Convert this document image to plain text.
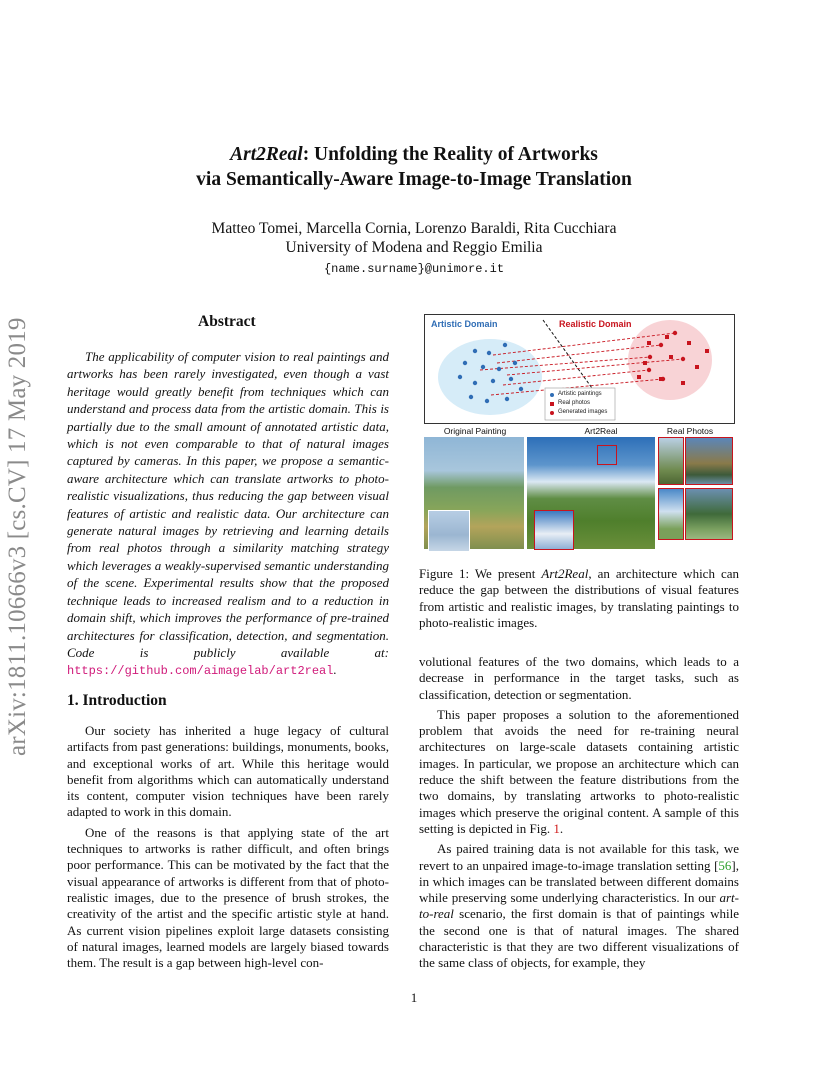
Art2Real: Unfolding the Reality of Artworks
via Semantically-Aware Image-to-Image Translation
Matteo Tomei, Marcella Cornia, Lorenzo Baraldi, Rita Cucchiara
University of Modena and Reggio Emilia
{name.surname}@unimore.it
arXiv:1811.10666v3 [cs.CV] 17 May 2019	Abstract
The applicability of computer vision to real paintings and artworks has been rarely investigated, even though a vast heritage would greatly benefit from techniques which can understand and process data from the artistic domain. This is partially due to the small amount of annotated artistic data, which is not even comparable to that of natural images captured by cameras. In this paper, we propose a semantic-aware architecture which can translate artworks to photo-realistic visualizations, thus reducing the gap between visual features of artistic and realistic data. Our architecture can generate natural images by retrieving and learning details from real photos through a similarity matching strategy which leverages a weakly-supervised semantic understanding of the scene. Experimental results show that the proposed technique leads to increased realism and to a reduction in domain shift, which improves the performance of pre-trained architectures for classification, detection, and segmentation. Code is publicly available at: https://github.com/aimagelab/art2real.
1. Introduction

Our society has inherited a huge legacy of cultural artifacts from past generations: buildings, monuments, books, and exceptional works of art. While this heritage would benefit from algorithms which can automatically understand its content, computer vision techniques have been rarely adapted to work in this domain.

One of the reasons is that applying state of the art techniques to artworks is rather difficult, and often brings poor performance. This can be motivated by the fact that the visual appearance of artworks is different from that of photo-realistic images, due to the presence of brush strokes, the creativity of the artist and the specific artistic style at hand. As current vision pipelines exploit large datasets consisting of natural images, learned models are largely biased towards them. The result is a gap between high-level con-

Artistic Domain	Realistic Domain
Artistic paintings
Real photos
Generated images
Original Painting	Art2Real	Real Photos
Figure 1: We present Art2Real, an architecture which can reduce the gap between the distributions of visual features from artistic and realistic images, by translating paintings to photo-realistic images.

volutional features of the two domains, which leads to a decrease in performance in the target tasks, such as classification, detection or segmentation.

This paper proposes a solution to the aforementioned problem that avoids the need for re-training neural architectures on large-scale datasets containing artistic images. In particular, we propose an architecture which can reduce the shift between the feature distributions from the two domains, by translating artworks to photo-realistic images which preserve the original content. A sample of this setting is depicted in Fig. 1.

As paired training data is not available for this task, we revert to an unpaired image-to-image translation setting [56], in which images can be translated between different domains while preserving some underlying characteristics. In our art-to-real scenario, the first domain is that of paintings while the second one is that of natural images. The shared characteristic is that they are two different visualizations of the same class of objects, for example, they

1
